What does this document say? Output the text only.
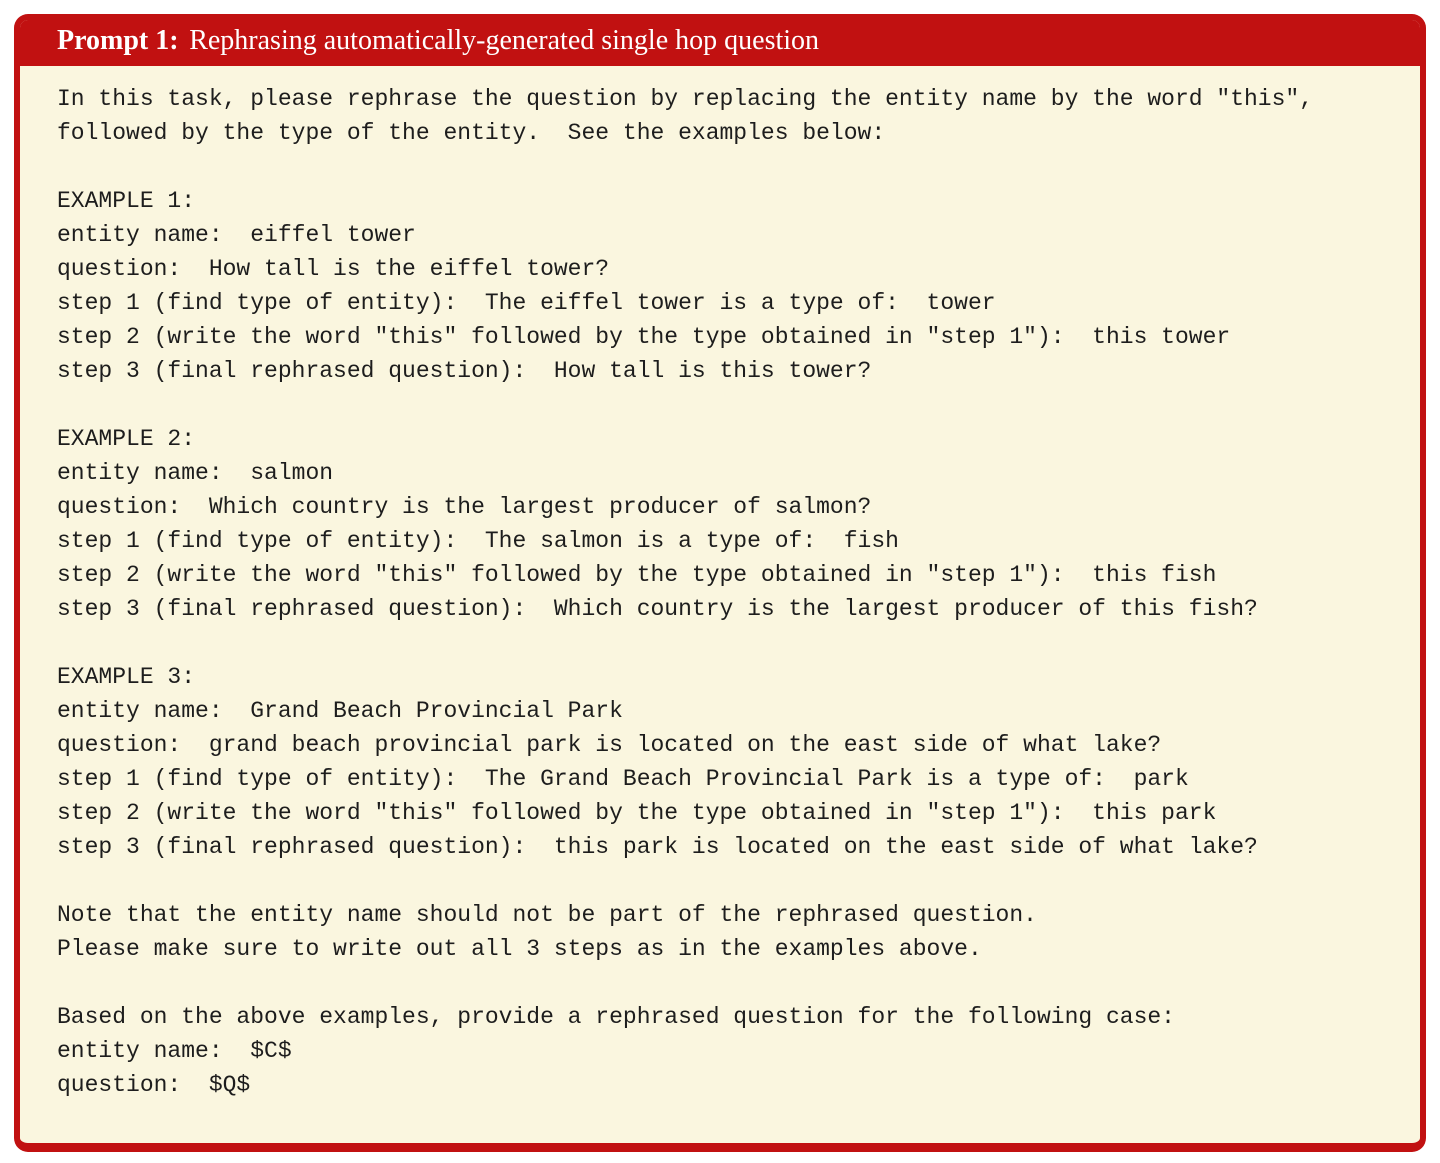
Prompt 1: Rephrasing automatically-generated single hop question
In this task, please rephrase the question by replacing the entity name by the word "this",
followed by the type of the entity.  See the examples below:
EXAMPLE 1:
entity name:  eiffel tower
question:  How tall is the eiffel tower?
step 1 (find type of entity):  The eiffel tower is a type of:  tower
step 2 (write the word "this" followed by the type obtained in "step 1"):  this tower
step 3 (final rephrased question):  How tall is this tower?
EXAMPLE 2:
entity name:  salmon
question:  Which country is the largest producer of salmon?
step 1 (find type of entity):  The salmon is a type of:  fish
step 2 (write the word "this" followed by the type obtained in "step 1"):  this fish
step 3 (final rephrased question):  Which country is the largest producer of this fish?
EXAMPLE 3:
entity name:  Grand Beach Provincial Park
question:  grand beach provincial park is located on the east side of what lake?
step 1 (find type of entity):  The Grand Beach Provincial Park is a type of:  park
step 2 (write the word "this" followed by the type obtained in "step 1"):  this park
step 3 (final rephrased question):  this park is located on the east side of what lake?
Note that the entity name should not be part of the rephrased question.
Please make sure to write out all 3 steps as in the examples above.
Based on the above examples, provide a rephrased question for the following case:
entity name:  $C$
question:  $Q$
